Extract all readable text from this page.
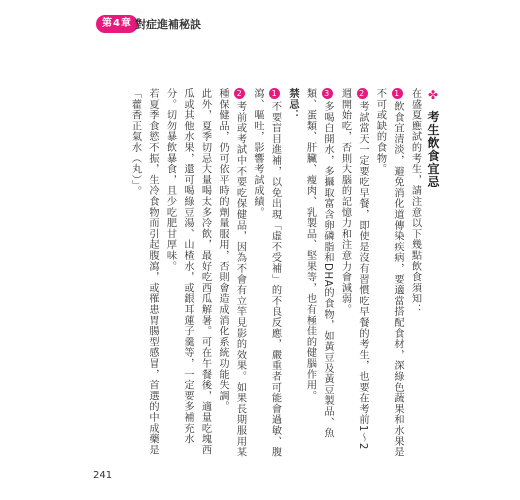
第4章 對症進補秘訣
✤ 考生飲食宜忌
在盛夏應試的考生，請注意以下幾點飲食須知：
1飲食宜清淡，避免消化道傳染疾病，要適當搭配食材，深綠色蔬果和水果是不可或缺的食物。
2考試當天一定要吃早餐，即使是沒有習慣吃早餐的考生，也要在考前1～2週開始吃，否則大腦的記憶力和注意力會減弱。
3多喝白開水，多攝取富含卵磷脂和DHA的食物，如黃豆及黃豆製品、魚類、蛋類、肝臟、瘦肉、乳製品、堅果等，也有極佳的健腦作用。
禁忌：
1不要盲目進補，以免出現「虛不受補」的不良反應，嚴重者可能會過敏、腹瀉、嘔吐，影響考試成績。
2考前或考試中不要吃保健品，因為不會有立竿見影的效果。如果長期服用某種保健品，仍可依平時的劑量服用，否則會造成消化系統功能失調。
此外，夏季切忌大量喝太多冷飲，最好吃西瓜解暑。可在午餐後，適量吃塊西瓜或其他水果，還可喝綠豆湯、山楂水，或銀耳蓮子羹等，一定要多補充水分。切勿暴飲暴食，且少吃肥甘厚味。
若夏季食慾不振，生冷食物而引起腹瀉，或罹患胃腸型感冒，首選的中成藥是「藿香正氣水（丸）」。
241
